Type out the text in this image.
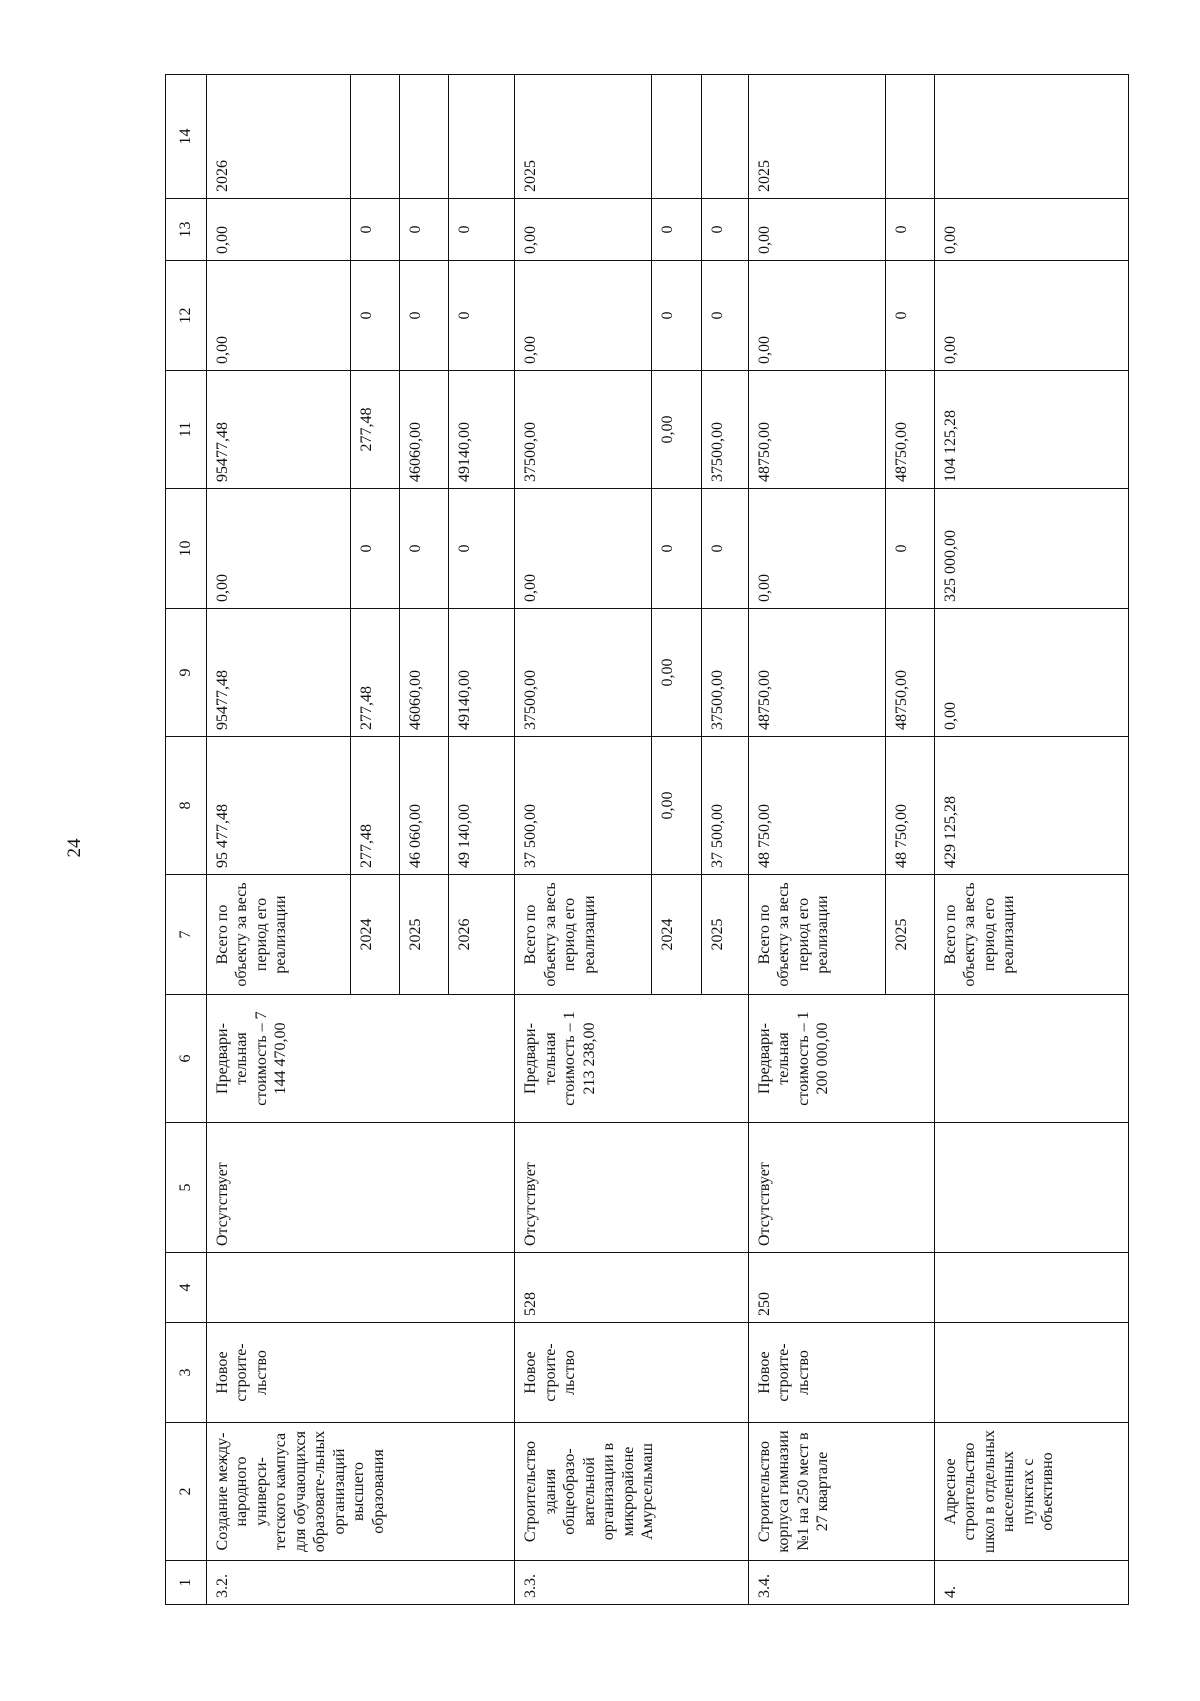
24
1	2	3	4	5	6	7	8	9	10	11	12	13	14
3.2.	Создание между-народного универси-тетского кампуса для обучающихся образовате-льных организаций высшего образования	Новое строите-льство		Отсутствует	Предвари-тельная стоимость – 7 144 470,00	Всего по объекту за весь период его реализации	95 477,48	95477,48	0,00	95477,48	0,00	0,00	2026
						2024	277,48	277,48	0	277,48	0	0	
						2025	46 060,00	46060,00	0	46060,00	0	0	
						2026	49 140,00	49140,00	0	49140,00	0	0	
3.3.	Строительство здания общеобразо-вательной организации в микрорайоне Амурсельмаш	Новое строите-льство	528	Отсутствует	Предвари-тельная стоимость – 1 213 238,00	Всего по объекту за весь период его реализации	37 500,00	37500,00	0,00	37500,00	0,00	0,00	2025
						2024	0,00	0,00	0	0,00	0	0	
						2025	37 500,00	37500,00	0	37500,00	0	0	
3.4.	Строительство корпуса гимназии №1 на 250 мест в 27 квартале	Новое строите-льство	250	Отсутствует	Предвари-тельная стоимость – 1 200 000,00	Всего по объекту за весь период его реализации	48 750,00	48750,00	0,00	48750,00	0,00	0,00	2025
						2025	48 750,00	48750,00	0	48750,00	0	0	
4.	Адресное строительство школ в отдельных населенных пунктах с объективно					Всего по объекту за весь период его реализации	429 125,28	0,00	325 000,00	104 125,28	0,00	0,00	
